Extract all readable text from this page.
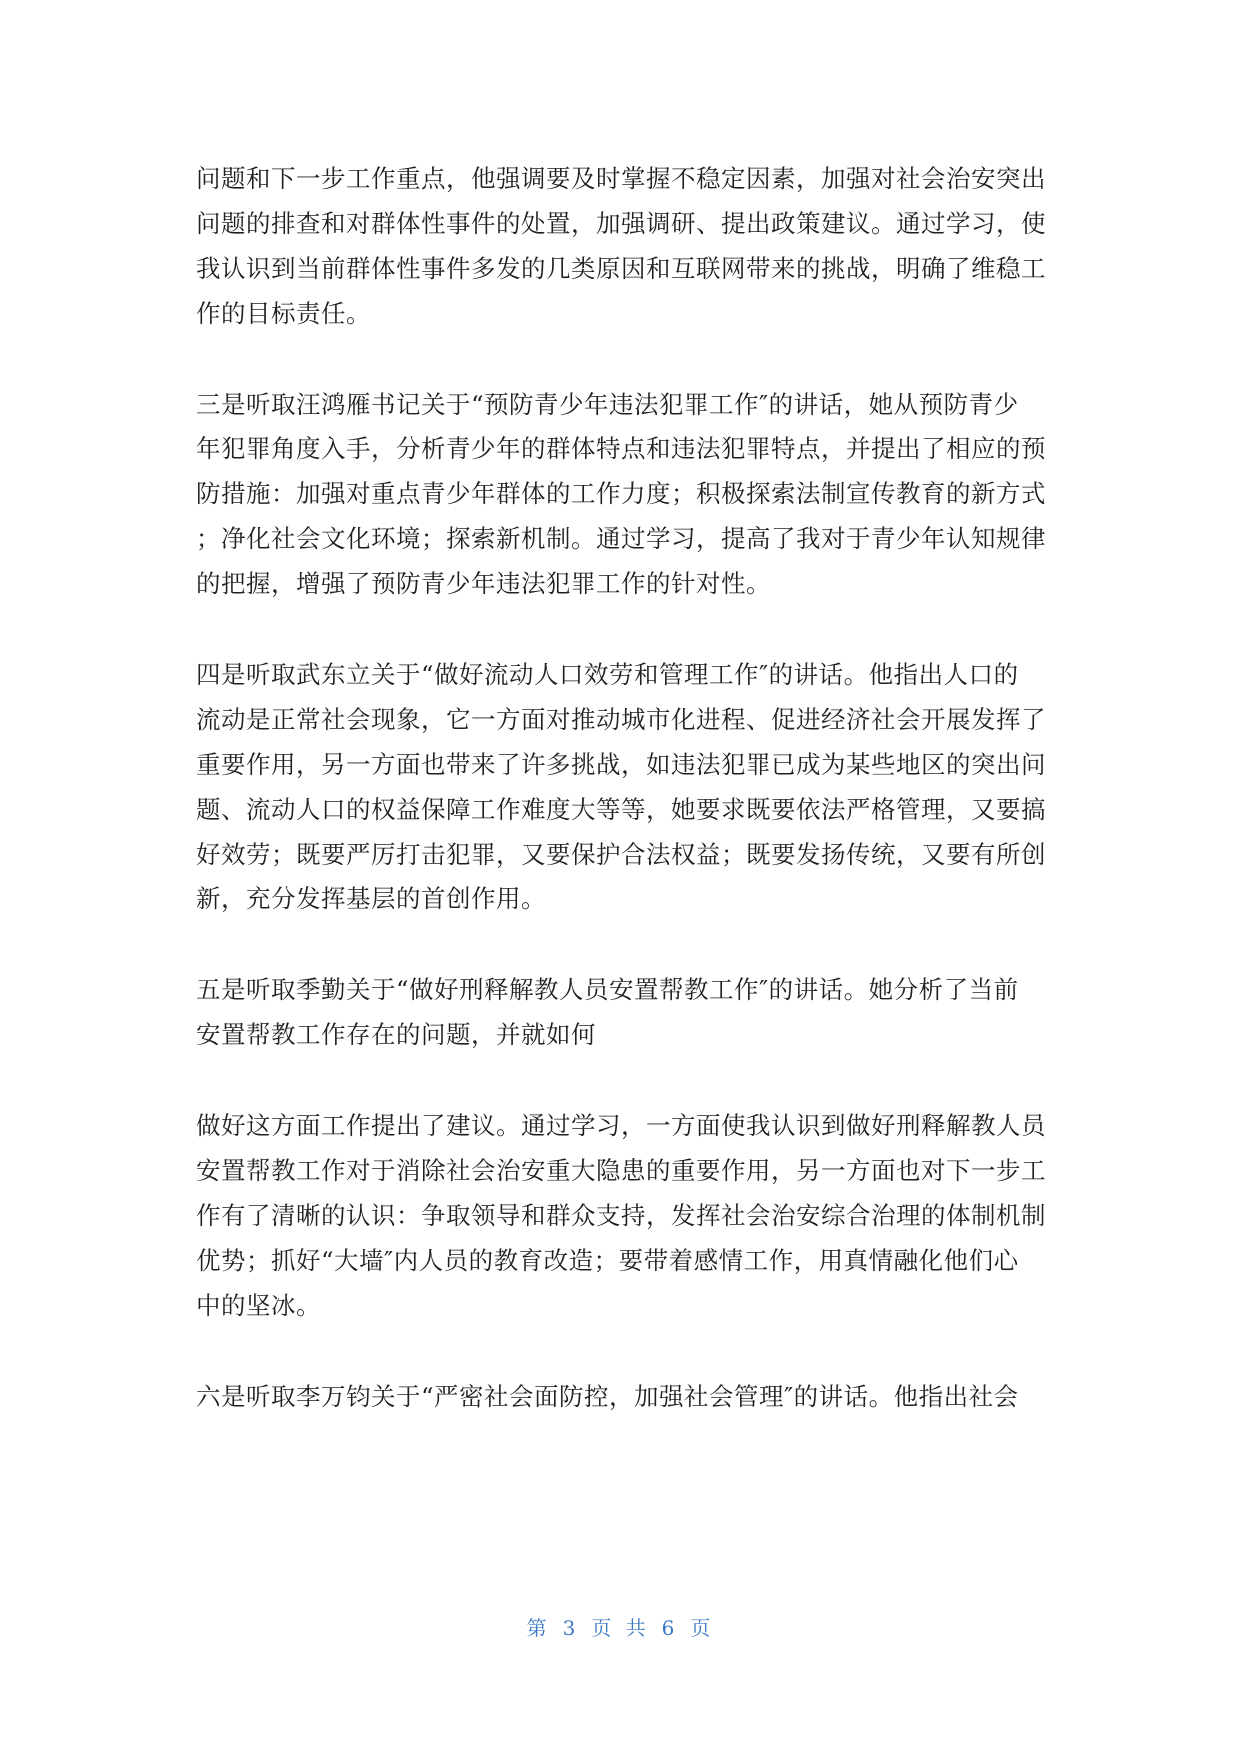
问题和下一步工作重点，他强调要及时掌握不稳定因素，加强对社会治安突出
问题的排查和对群体性事件的处置，加强调研、提出政策建议。通过学习，使
我认识到当前群体性事件多发的几类原因和互联网带来的挑战，明确了维稳工
作的目标责任。
三是听取汪鸿雁书记关于“预防青少年违法犯罪工作″的讲话，她从预防青少
年犯罪角度入手，分析青少年的群体特点和违法犯罪特点，并提出了相应的预
防措施：加强对重点青少年群体的工作力度；积极探索法制宣传教育的新方式
；净化社会文化环境；探索新机制。通过学习，提高了我对于青少年认知规律
的把握，增强了预防青少年违法犯罪工作的针对性。
四是听取武东立关于“做好流动人口效劳和管理工作″的讲话。他指出人口的
流动是正常社会现象，它一方面对推动城市化进程、促进经济社会开展发挥了
重要作用，另一方面也带来了许多挑战，如违法犯罪已成为某些地区的突出问
题、流动人口的权益保障工作难度大等等，她要求既要依法严格管理，又要搞
好效劳；既要严厉打击犯罪，又要保护合法权益；既要发扬传统，又要有所创
新，充分发挥基层的首创作用。
五是听取季勤关于“做好刑释解教人员安置帮教工作″的讲话。她分析了当前
安置帮教工作存在的问题，并就如何
做好这方面工作提出了建议。通过学习，一方面使我认识到做好刑释解教人员
安置帮教工作对于消除社会治安重大隐患的重要作用，另一方面也对下一步工
作有了清晰的认识：争取领导和群众支持，发挥社会治安综合治理的体制机制
优势；抓好“大墙″内人员的教育改造；要带着感情工作，用真情融化他们心
中的坚冰。
六是听取李万钧关于“严密社会面防控，加强社会管理″的讲话。他指出社会
第 3 页 共 6 页
